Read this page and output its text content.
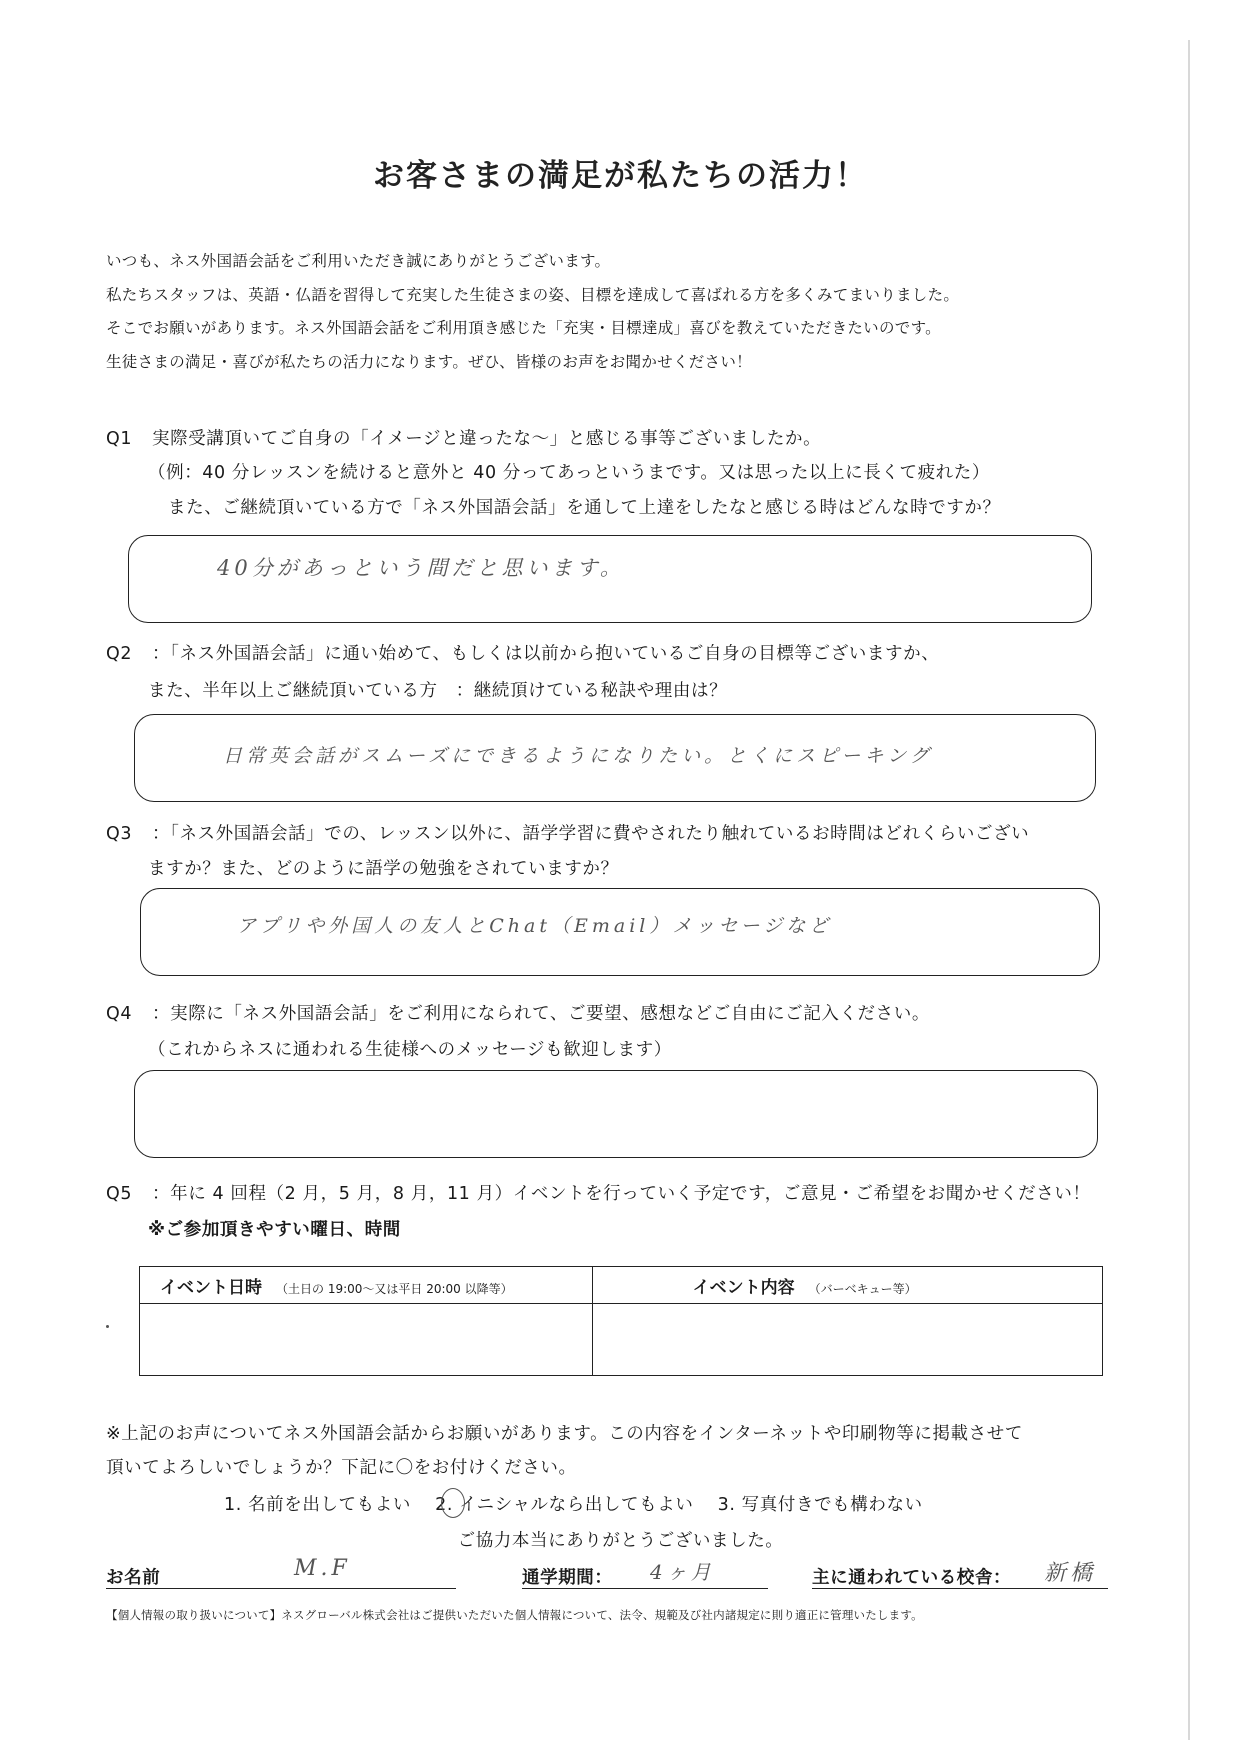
お客さまの満足が私たちの活力！
いつも、ネス外国語会話をご利用いただき誠にありがとうございます。
私たちスタッフは、英語・仏語を習得して充実した生徒さまの姿、目標を達成して喜ばれる方を多くみてまいりました。
そこでお願いがあります。ネス外国語会話をご利用頂き感じた「充実・目標達成」喜びを教えていただきたいのです。
生徒さまの満足・喜びが私たちの活力になります。ぜひ、皆様のお声をお聞かせください！
Q1 実際受講頂いてご自身の「イメージと違ったな～」と感じる事等ございましたか。
（例：40 分レッスンを続けると意外と 40 分ってあっというまです。又は思った以上に長くて疲れた）
また、ご継続頂いている方で「ネス外国語会話」を通して上達をしたなと感じる時はどんな時ですか？
40分があっという間だと思います。
Q2 ：「ネス外国語会話」に通い始めて、もしくは以前から抱いているご自身の目標等ございますか、
また、半年以上ご継続頂いている方　：継続頂けている秘訣や理由は？
日常英会話がスムーズにできるようになりたい。とくにスピーキング
Q3 ：「ネス外国語会話」での、レッスン以外に、語学学習に費やされたり触れているお時間はどれくらいござい
ますか？また、どのように語学の勉強をされていますか？
アプリや外国人の友人とChat（Email）メッセージなど
Q4 ：実際に「ネス外国語会話」をご利用になられて、ご要望、感想などご自由にご記入ください。
（これからネスに通われる生徒様へのメッセージも歓迎します）
Q5 ：年に 4 回程（2 月，5 月，8 月，11 月）イベントを行っていく予定です，ご意見・ご希望をお聞かせください！
※ご参加頂きやすい曜日、時間
イベント日時 （土日の 19:00～又は平日 20:00 以降等）	イベント内容 （バーベキュー等）

※上記のお声についてネス外国語会話からお願いがあります。この内容をインターネットや印刷物等に掲載させて
頂いてよろしいでしょうか？下記に〇をお付けください。
1. 名前を出してもよい 2. イニシャルなら出してもよい 3. 写真付きでも構わない
ご協力本当にありがとうございました。
お名前	M.F	通学期間： 4ヶ月	主に通われている校舎： 新橋
【個人情報の取り扱いについて】ネスグローバル株式会社はご提供いただいた個人情報について、法令、規範及び社内諸規定に則り適正に管理いたします。
